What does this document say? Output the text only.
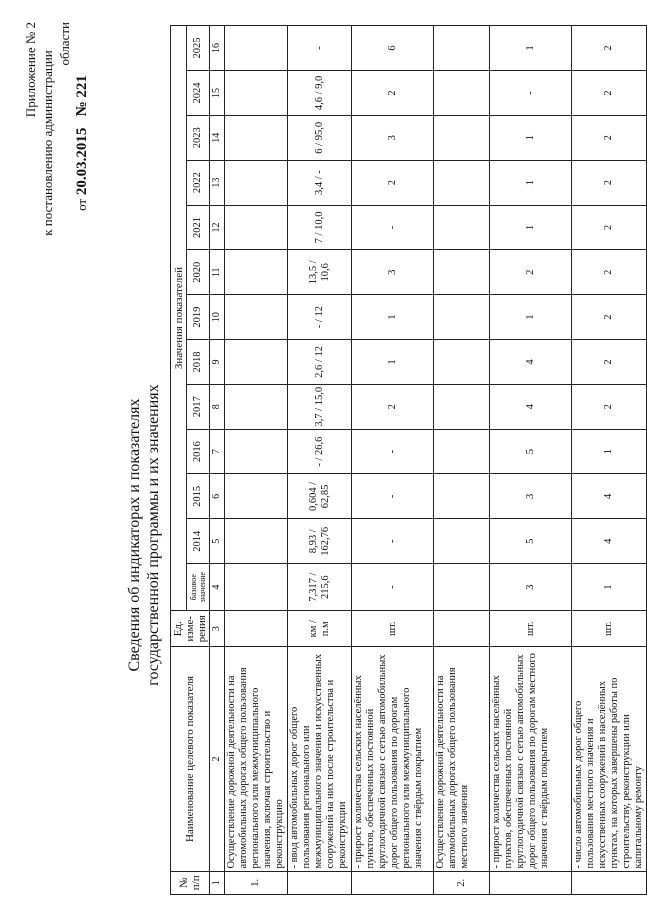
Приложение № 2 к постановлению администрации
области
от 20.03.2015   № 221
Сведения об индикаторах и показателях государственной программы и их значениях
№ п/п	Наименование целевого показателя	Ед. изме-рения	Значения показателей												
			базовое значение	2014	2015	2016	2017	2018	2019	2020	2021	2022	2023	2024	2025
1	2	3	4	5	6	7	8	9	10	11	12	13	14	15	16
1.	Осуществление дорожной деятельности на автомобильных дорогах общего пользования регионального или межмуниципального значения, включая строительство и реконструкцию														
	- ввод автомобильных дорог общего пользования регионального или межмуниципального значения и искусственных сооружений на них после строительства и реконструкции	км / п.м	7,317 / 215,6	8,93 / 162,76	0,604 / 62,85	- / 26,6	3,7 / 15,0	2,6 / 12	- / 12	13,5 / 10,6	7 / 10,0	3,4 / -	6 / 95,0	4,6 / 9,0	-
	- прирост количества сельских населённых пунктов, обеспеченных постоянной круглогодичной связью с сетью автомобильных дорог общего пользования по дорогам регионального или межмуниципального значения с твёрдым покрытием	шт.	-	-	-	-	2	1	1	3	-	2	3	2	6
2.	Осуществление дорожной деятельности на автомобильных дорогах общего пользования местного значения														
	- прирост количества сельских населённых пунктов, обеспеченных постоянной круглогодичной связью с сетью автомобильных дорог общего пользования по дорогам местного значения с твёрдым покрытием	шт.	3	5	3	5	4	4	1	2	1	1	1	-	1
	- число автомобильных дорог общего пользования местного значения и искусственных сооружений в населённых пунктах, на которых завершены работы по строительству, реконструкции или капитальному ремонту	шт.	1	4	4	1	2	2	2	2	2	2	2	2	2
